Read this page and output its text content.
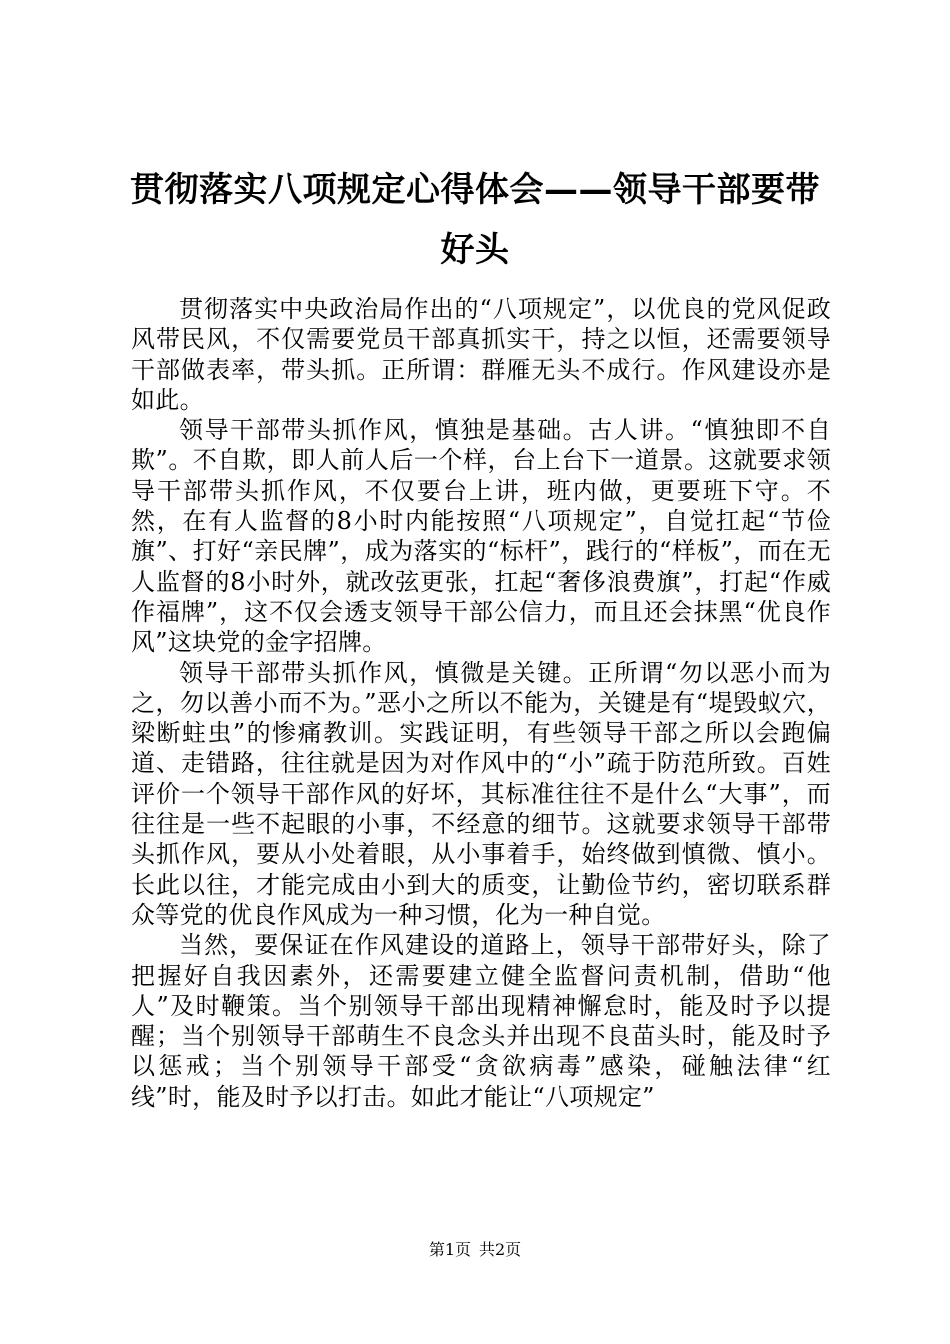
贯彻落实八项规定心得体会——领导干部要带好头

贯彻落实中央政治局作出的“八项规定”，以优良的党风促政风带民风，不仅需要党员干部真抓实干，持之以恒，还需要领导干部做表率，带头抓。正所谓：群雁无头不成行。作风建设亦是如此。

领导干部带头抓作风，慎独是基础。古人讲。“慎独即不自欺”。不自欺，即人前人后一个样，台上台下一道景。这就要求领导干部带头抓作风，不仅要台上讲，班内做，更要班下守。不然，在有人监督的8小时内能按照“八项规定”，自觉扛起“节俭旗”、打好“亲民牌”，成为落实的“标杆”，践行的“样板”，而在无人监督的8小时外，就改弦更张，扛起“奢侈浪费旗”，打起“作威作福牌”，这不仅会透支领导干部公信力，而且还会抹黑“优良作风”这块党的金字招牌。

领导干部带头抓作风，慎微是关键。正所谓“勿以恶小而为之，勿以善小而不为。”恶小之所以不能为，关键是有“堤毁蚁穴，梁断蛀虫”的惨痛教训。实践证明，有些领导干部之所以会跑偏道、走错路，往往就是因为对作风中的“小”疏于防范所致。百姓评价一个领导干部作风的好坏，其标准往往不是什么“大事”，而往往是一些不起眼的小事，不经意的细节。这就要求领导干部带头抓作风，要从小处着眼，从小事着手，始终做到慎微、慎小。长此以往，才能完成由小到大的质变，让勤俭节约，密切联系群众等党的优良作风成为一种习惯，化为一种自觉。

当然，要保证在作风建设的道路上，领导干部带好头，除了把握好自我因素外，还需要建立健全监督问责机制，借助“他人”及时鞭策。当个别领导干部出现精神懈怠时，能及时予以提醒；当个别领导干部萌生不良念头并出现不良苗头时，能及时予以惩戒；当个别领导干部受“贪欲病毒”感染，碰触法律“红线”时，能及时予以打击。如此才能让“八项规定”

第1页 共2页
